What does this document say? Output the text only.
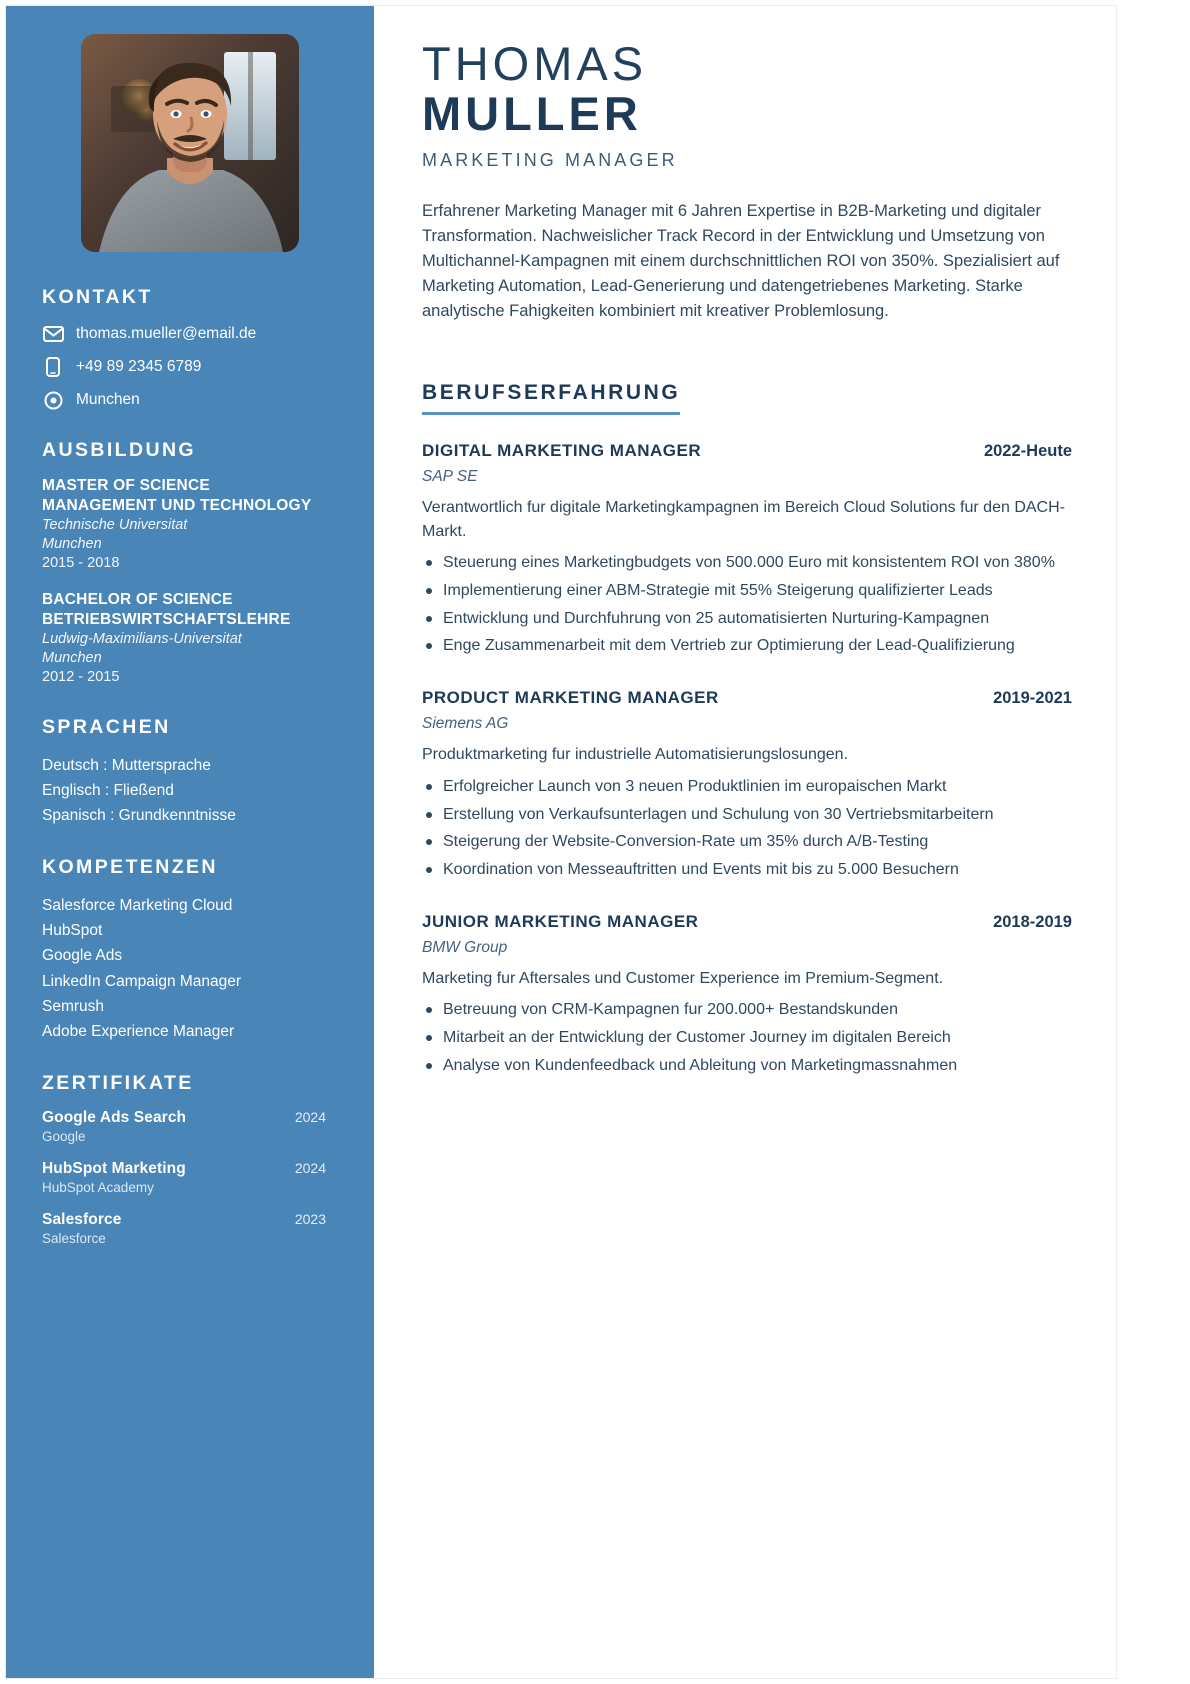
KONTAKT
thomas.mueller@email.de
+49 89 2345 6789
Munchen
AUSBILDUNG
MASTER OF SCIENCE
MANAGEMENT UND TECHNOLOGY
Technische Universitat
Munchen
2015 - 2018
BACHELOR OF SCIENCE
BETRIEBSWIRTSCHAFTSLEHRE
Ludwig-Maximilians-Universitat
Munchen
2012 - 2015
SPRACHEN
Deutsch : Muttersprache
Englisch : Fließend
Spanisch : Grundkenntnisse
KOMPETENZEN
Salesforce Marketing Cloud
HubSpot
Google Ads
LinkedIn Campaign Manager
Semrush
Adobe Experience Manager
ZERTIFIKATE
Google Ads Search	2024
Google
HubSpot Marketing	2024
HubSpot Academy
Salesforce	2023
Salesforce
THOMAS
MULLER
MARKETING MANAGER

Erfahrener Marketing Manager mit 6 Jahren Expertise in B2B-Marketing und digitaler Transformation. Nachweislicher Track Record in der Entwicklung und Umsetzung von Multichannel-Kampagnen mit einem durchschnittlichen ROI von 350%. Spezialisiert auf Marketing Automation, Lead-Generierung und datengetriebenes Marketing. Starke analytische Fahigkeiten kombiniert mit kreativer Problemlosung.

BERUFSERFAHRUNG
DIGITAL MARKETING MANAGER	2022-Heute
SAP SE
Verantwortlich fur digitale Marketingkampagnen im Bereich Cloud Solutions fur den DACH-Markt.
Steuerung eines Marketingbudgets von 500.000 Euro mit konsistentem ROI von 380%
Implementierung einer ABM-Strategie mit 55% Steigerung qualifizierter Leads
Entwicklung und Durchfuhrung von 25 automatisierten Nurturing-Kampagnen
Enge Zusammenarbeit mit dem Vertrieb zur Optimierung der Lead-Qualifizierung
PRODUCT MARKETING MANAGER	2019-2021
Siemens AG
Produktmarketing fur industrielle Automatisierungslosungen.
Erfolgreicher Launch von 3 neuen Produktlinien im europaischen Markt
Erstellung von Verkaufsunterlagen und Schulung von 30 Vertriebsmitarbeitern
Steigerung der Website-Conversion-Rate um 35% durch A/B-Testing
Koordination von Messeauftritten und Events mit bis zu 5.000 Besuchern
JUNIOR MARKETING MANAGER	2018-2019
BMW Group
Marketing fur Aftersales und Customer Experience im Premium-Segment.
Betreuung von CRM-Kampagnen fur 200.000+ Bestandskunden
Mitarbeit an der Entwicklung der Customer Journey im digitalen Bereich
Analyse von Kundenfeedback und Ableitung von Marketingmassnahmen
